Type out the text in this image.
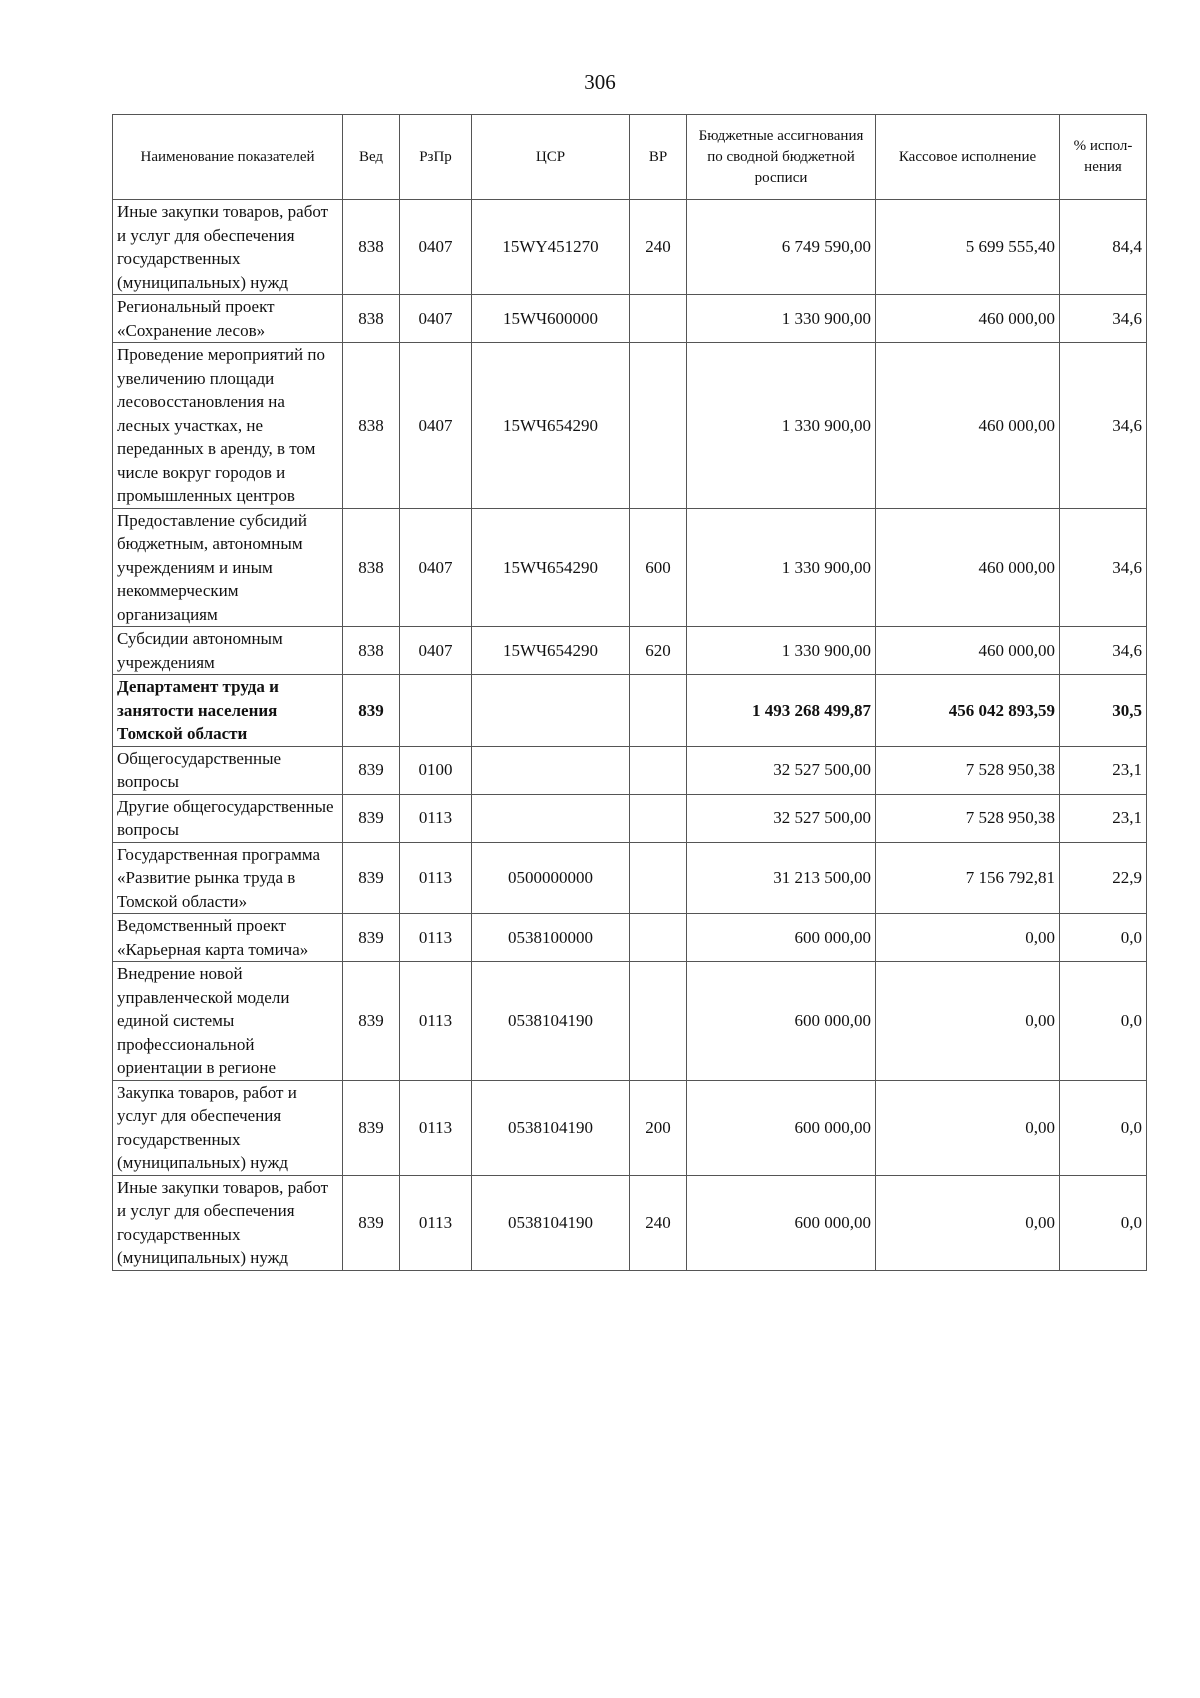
306
Наименование показателей	Вед	РзПр	ЦСР	ВР	Бюджетные ассигнования по сводной бюджетной росписи	Кассовое исполнение	% испол- нения
Иные закупки товаров, работ и услуг для обеспечения государственных (муниципальных) нужд	838	0407	15WY451270	240	6 749 590,00	5 699 555,40	84,4
Региональный проект «Сохранение лесов»	838	0407	15WЧ600000		1 330 900,00	460 000,00	34,6
Проведение мероприятий по увеличению площади лесовосстановления на лесных участках, не переданных в аренду, в том числе вокруг городов и промышленных центров	838	0407	15WЧ654290		1 330 900,00	460 000,00	34,6
Предоставление субсидий бюджетным, автономным учреждениям и иным некоммерческим организациям	838	0407	15WЧ654290	600	1 330 900,00	460 000,00	34,6
Субсидии автономным учреждениям	838	0407	15WЧ654290	620	1 330 900,00	460 000,00	34,6
Департамент труда и занятости населения Томской области	839				1 493 268 499,87	456 042 893,59	30,5
Общегосударственные вопросы	839	0100			32 527 500,00	7 528 950,38	23,1
Другие общегосударственные вопросы	839	0113			32 527 500,00	7 528 950,38	23,1
Государственная программа «Развитие рынка труда в Томской области»	839	0113	0500000000		31 213 500,00	7 156 792,81	22,9
Ведомственный проект «Карьерная карта томича»	839	0113	0538100000		600 000,00	0,00	0,0
Внедрение новой управленческой модели единой системы профессиональной ориентации в регионе	839	0113	0538104190		600 000,00	0,00	0,0
Закупка товаров, работ и услуг для обеспечения государственных (муниципальных) нужд	839	0113	0538104190	200	600 000,00	0,00	0,0
Иные закупки товаров, работ и услуг для обеспечения государственных (муниципальных) нужд	839	0113	0538104190	240	600 000,00	0,00	0,0
